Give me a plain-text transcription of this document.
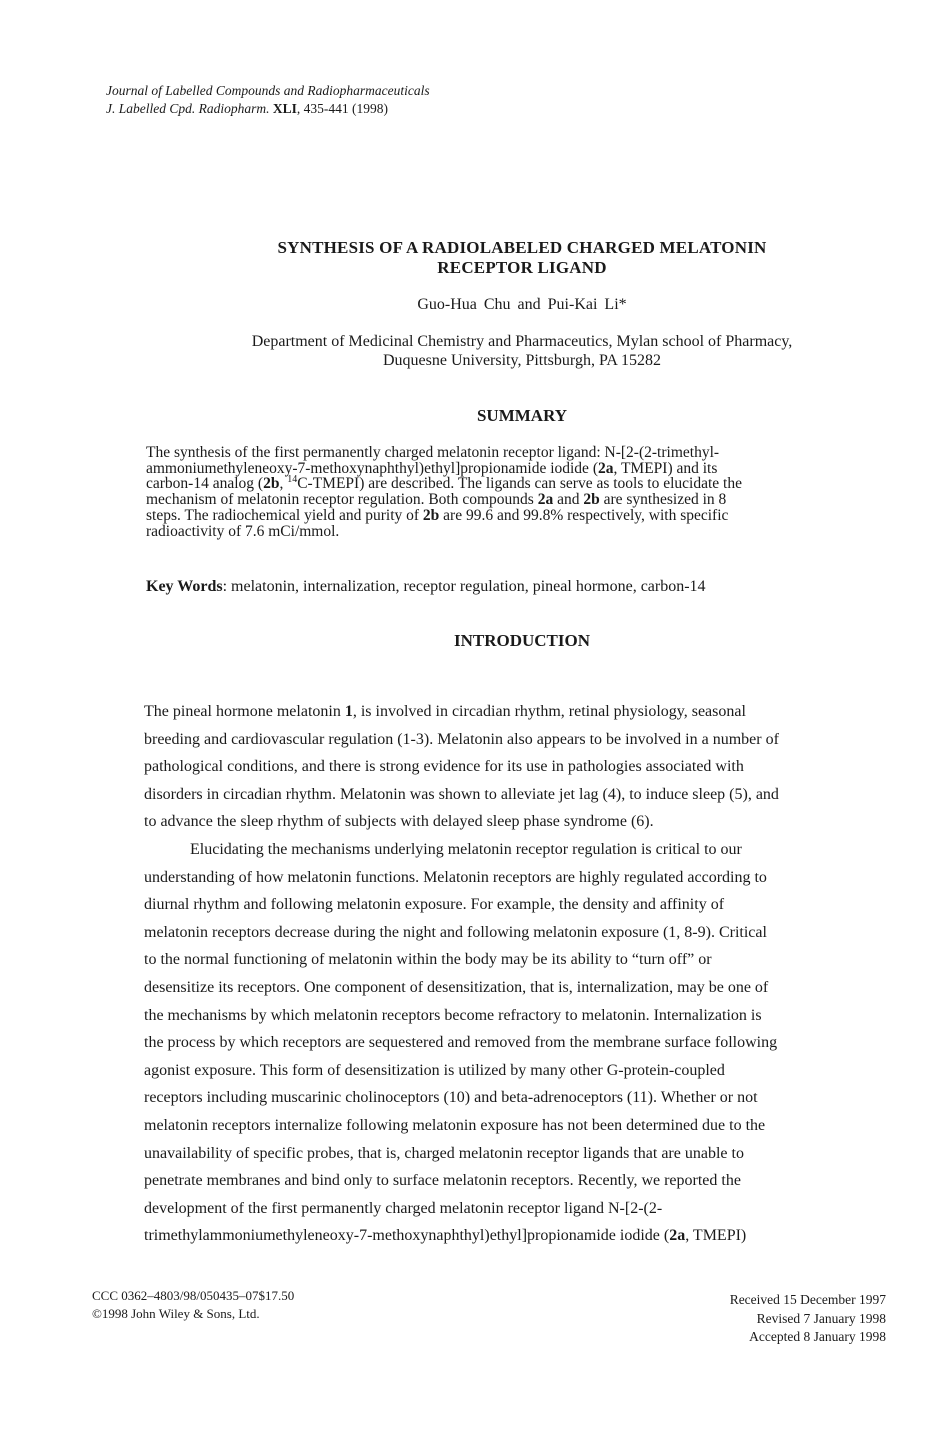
Journal of Labelled Compounds and Radiopharmaceuticals
J. Labelled Cpd. Radiopharm. XLI, 435-441 (1998)
SYNTHESIS OF A RADIOLABELED CHARGED MELATONIN
RECEPTOR LIGAND
Guo-Hua Chu and Pui-Kai Li*
Department of Medicinal Chemistry and Pharmaceutics, Mylan school of Pharmacy,
Duquesne University, Pittsburgh, PA 15282
SUMMARY
The synthesis of the first permanently charged melatonin receptor ligand: N-[2-(2-trimethyl-
ammoniumethyleneoxy-7-methoxynaphthyl)ethyl]propionamide iodide (2a, TMEPI) and its
carbon-14 analog (2b, $^{14}$C-TMEPI) are described. The ligands can serve as tools to elucidate the
mechanism of melatonin receptor regulation. Both compounds 2a and 2b are synthesized in 8
steps. The radiochemical yield and purity of 2b are 99.6 and 99.8% respectively, with specific
radioactivity of 7.6 mCi/mmol.
Key Words: melatonin, internalization, receptor regulation, pineal hormone, carbon-14
INTRODUCTION
The pineal hormone melatonin 1, is involved in circadian rhythm, retinal physiology, seasonal
breeding and cardiovascular regulation (1-3). Melatonin also appears to be involved in a number of
pathological conditions, and there is strong evidence for its use in pathologies associated with
disorders in circadian rhythm. Melatonin was shown to alleviate jet lag (4), to induce sleep (5), and
to advance the sleep rhythm of subjects with delayed sleep phase syndrome (6).
Elucidating the mechanisms underlying melatonin receptor regulation is critical to our
understanding of how melatonin functions. Melatonin receptors are highly regulated according to
diurnal rhythm and following melatonin exposure. For example, the density and affinity of
melatonin receptors decrease during the night and following melatonin exposure (1, 8-9). Critical
to the normal functioning of melatonin within the body may be its ability to “turn off” or
desensitize its receptors. One component of desensitization, that is, internalization, may be one of
the mechanisms by which melatonin receptors become refractory to melatonin. Internalization is
the process by which receptors are sequestered and removed from the membrane surface following
agonist exposure. This form of desensitization is utilized by many other G-protein-coupled
receptors including muscarinic cholinoceptors (10) and beta-adrenoceptors (11). Whether or not
melatonin receptors internalize following melatonin exposure has not been determined due to the
unavailability of specific probes, that is, charged melatonin receptor ligands that are unable to
penetrate membranes and bind only to surface melatonin receptors. Recently, we reported the
development of the first permanently charged melatonin receptor ligand N-[2-(2-
trimethylammoniumethyleneoxy-7-methoxynaphthyl)ethyl]propionamide iodide (2a, TMEPI)
CCC 0362–4803/98/050435–07$17.50
©1998 John Wiley & Sons, Ltd.
Received 15 December 1997
Revised 7 January 1998
Accepted 8 January 1998
